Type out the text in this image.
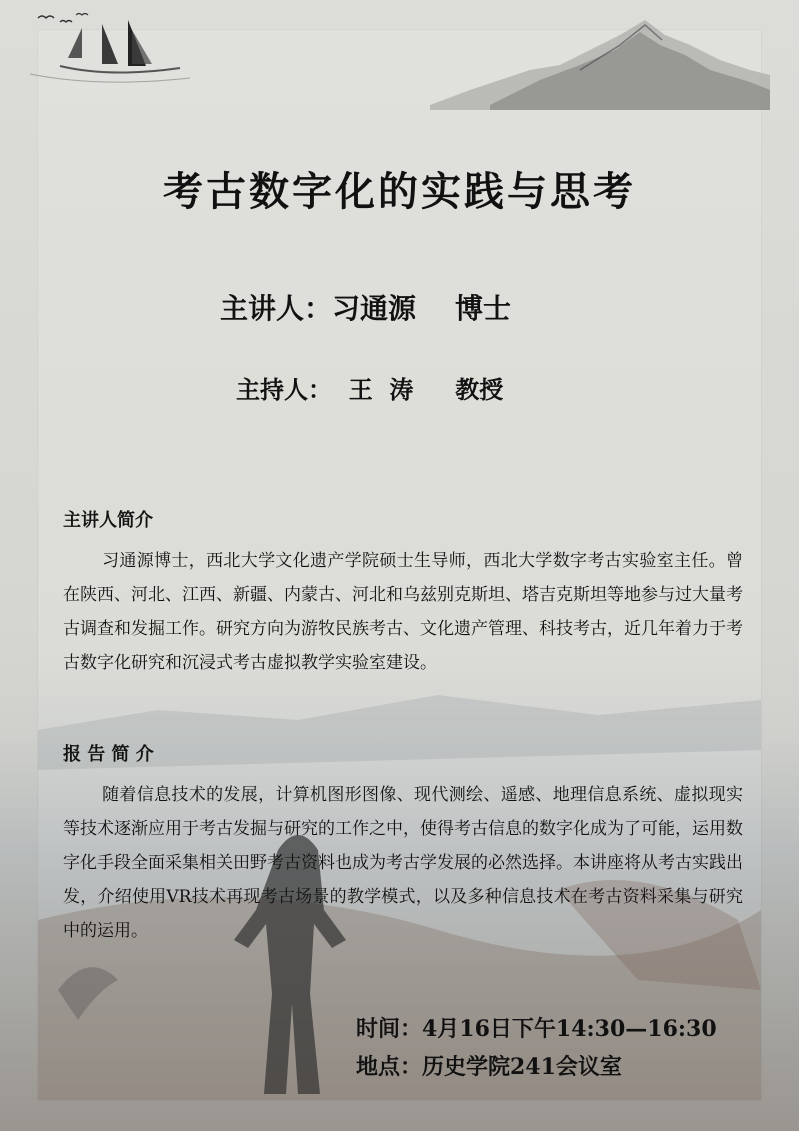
考古数字化的实践与思考
主讲人：习通源 博士
主持人： 王  涛 教授
主讲人简介
习通源博士，西北大学文化遗产学院硕士生导师，西北大学数字考古实验室主任。曾在陕西、河北、江西、新疆、内蒙古、河北和乌兹别克斯坦、塔吉克斯坦等地参与过大量考古调查和发掘工作。研究方向为游牧民族考古、文化遗产管理、科技考古，近几年着力于考古数字化研究和沉浸式考古虚拟教学实验室建设。
报 告 简 介
随着信息技术的发展，计算机图形图像、现代测绘、遥感、地理信息系统、虚拟现实等技术逐渐应用于考古发掘与研究的工作之中，使得考古信息的数字化成为了可能，运用数字化手段全面采集相关田野考古资料也成为考古学发展的必然选择。本讲座将从考古实践出发，介绍使用VR技术再现考古场景的教学模式，以及多种信息技术在考古资料采集与研究中的运用。
时间：4月16日下午14:30—16:30
地点：历史学院241会议室
